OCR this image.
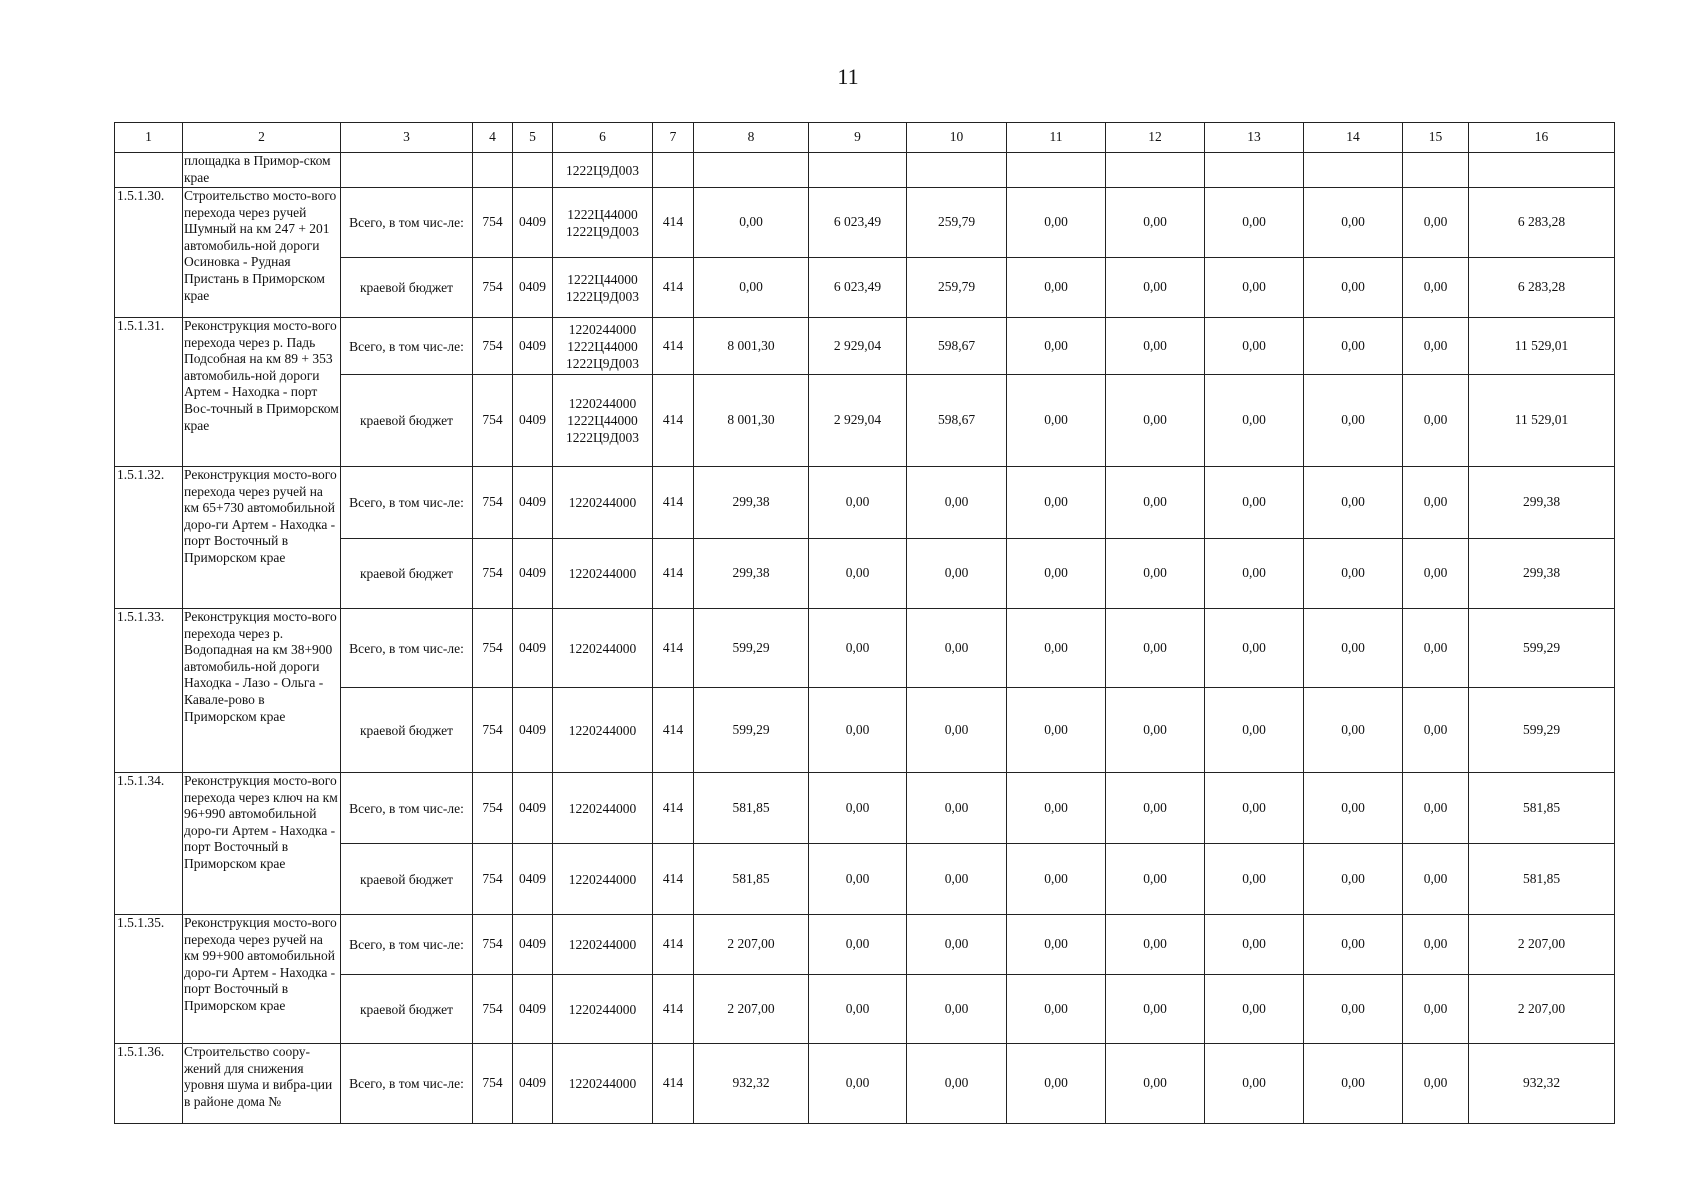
11
1	2	3	4	5	6	7	8	9	10	11	12	13	14	15	16
	площадка в Примор-ском крае				1222Ц9Д003										
1.5.1.30.	Строительство мосто-вого перехода через ручей Шумный на км 247 + 201 автомобиль-ной дороги Осиновка - Рудная Пристань в Приморском крае	Всего, в том чис-ле:	754	0409	1222Ц44000 1222Ц9Д003	414	0,00	6 023,49	259,79	0,00	0,00	0,00	0,00	0,00	6 283,28
		краевой бюджет	754	0409	1222Ц44000 1222Ц9Д003	414	0,00	6 023,49	259,79	0,00	0,00	0,00	0,00	0,00	6 283,28
1.5.1.31.	Реконструкция мосто-вого перехода через р. Падь Подсобная на км 89 + 353 автомобиль-ной дороги Артем - Находка - порт Вос-точный в Приморском крае	Всего, в том чис-ле:	754	0409	1220244000 1222Ц44000 1222Ц9Д003	414	8 001,30	2 929,04	598,67	0,00	0,00	0,00	0,00	0,00	11 529,01
		краевой бюджет	754	0409	1220244000 1222Ц44000 1222Ц9Д003	414	8 001,30	2 929,04	598,67	0,00	0,00	0,00	0,00	0,00	11 529,01
1.5.1.32.	Реконструкция мосто-вого перехода через ручей на км 65+730 автомобильной доро-ги Артем - Находка - порт Восточный в Приморском крае	Всего, в том чис-ле:	754	0409	1220244000	414	299,38	0,00	0,00	0,00	0,00	0,00	0,00	0,00	299,38
		краевой бюджет	754	0409	1220244000	414	299,38	0,00	0,00	0,00	0,00	0,00	0,00	0,00	299,38
1.5.1.33.	Реконструкция мосто-вого перехода через р. Водопадная на км 38+900 автомобиль-ной дороги Находка - Лазо - Ольга - Кавале-рово в Приморском крае	Всего, в том чис-ле:	754	0409	1220244000	414	599,29	0,00	0,00	0,00	0,00	0,00	0,00	0,00	599,29
		краевой бюджет	754	0409	1220244000	414	599,29	0,00	0,00	0,00	0,00	0,00	0,00	0,00	599,29
1.5.1.34.	Реконструкция мосто-вого перехода через ключ на км 96+990 автомобильной доро-ги Артем - Находка - порт Восточный в Приморском крае	Всего, в том чис-ле:	754	0409	1220244000	414	581,85	0,00	0,00	0,00	0,00	0,00	0,00	0,00	581,85
		краевой бюджет	754	0409	1220244000	414	581,85	0,00	0,00	0,00	0,00	0,00	0,00	0,00	581,85
1.5.1.35.	Реконструкция мосто-вого перехода через ручей на км 99+900 автомобильной доро-ги Артем - Находка - порт Восточный в Приморском крае	Всего, в том чис-ле:	754	0409	1220244000	414	2 207,00	0,00	0,00	0,00	0,00	0,00	0,00	0,00	2 207,00
		краевой бюджет	754	0409	1220244000	414	2 207,00	0,00	0,00	0,00	0,00	0,00	0,00	0,00	2 207,00
1.5.1.36.	Строительство соору-жений для снижения уровня шума и вибра-ции в районе дома №	Всего, в том чис-ле:	754	0409	1220244000	414	932,32	0,00	0,00	0,00	0,00	0,00	0,00	0,00	932,32
